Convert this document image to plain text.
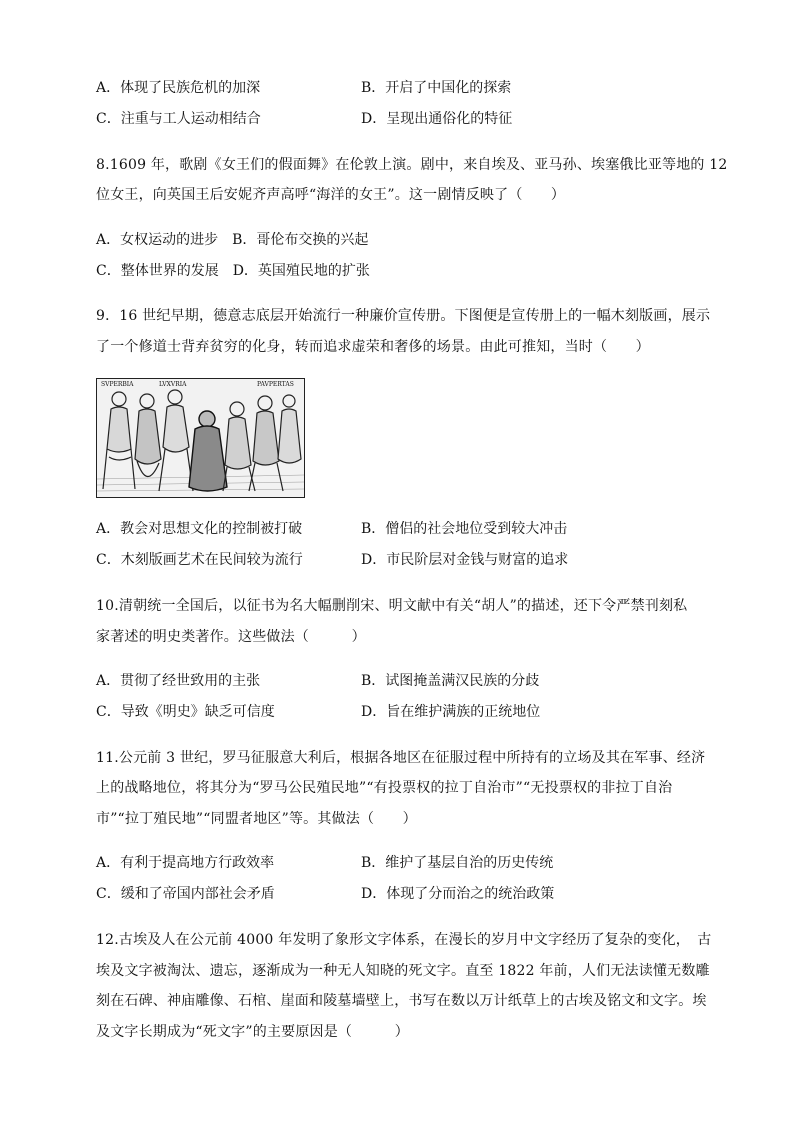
A．体现了民族危机的加深	B．开启了中国化的探索
C．注重与工人运动相结合	D．呈现出通俗化的特征
8.1609 年，歌剧《女王们的假面舞》在伦敦上演。剧中，来自埃及、亚马孙、埃塞俄比亚等地的 12
位女王，向英国王后安妮齐声高呼“海洋的女王”。这一剧情反映了（　　）
A．女权运动的进步　B．哥伦布交换的兴起
C．整体世界的发展　D．英国殖民地的扩张
9．16 世纪早期，德意志底层开始流行一种廉价宣传册。下图便是宣传册上的一幅木刻版画，展示
了一个修道士背弃贫穷的化身，转而追求虚荣和奢侈的场景。由此可推知，当时（　　）
SVPERBIA	LVXVRIA	PAVPERTAS
A．教会对思想文化的控制被打破	B．僧侣的社会地位受到较大冲击
C．木刻版画艺术在民间较为流行	D．市民阶层对金钱与财富的追求
10.清朝统一全国后，以征书为名大幅删削宋、明文献中有关“胡人”的描述，还下令严禁刊刻私
家著述的明史类著作。这些做法（　　　）
A．贯彻了经世致用的主张	B．试图掩盖满汉民族的分歧
C．导致《明史》缺乏可信度	D．旨在维护满族的正统地位
11.公元前 3 世纪，罗马征服意大利后，根据各地区在征服过程中所持有的立场及其在军事、经济
上的战略地位，将其分为“罗马公民殖民地”“有投票权的拉丁自治市”“无投票权的非拉丁自治
市”“拉丁殖民地”“同盟者地区”等。其做法（　　）
A．有利于提高地方行政效率	B．维护了基层自治的历史传统
C．缓和了帝国内部社会矛盾	D．体现了分而治之的统治政策
12.古埃及人在公元前 4000 年发明了象形文字体系，在漫长的岁月中文字经历了复杂的变化，　古
埃及文字被淘汰、遗忘，逐渐成为一种无人知晓的死文字。直至 1822 年前，人们无法读懂无数雕
刻在石碑、神庙雕像、石棺、崖面和陵墓墙壁上，书写在数以万计纸草上的古埃及铭文和文字。埃
及文字长期成为“死文字”的主要原因是（　　　）
